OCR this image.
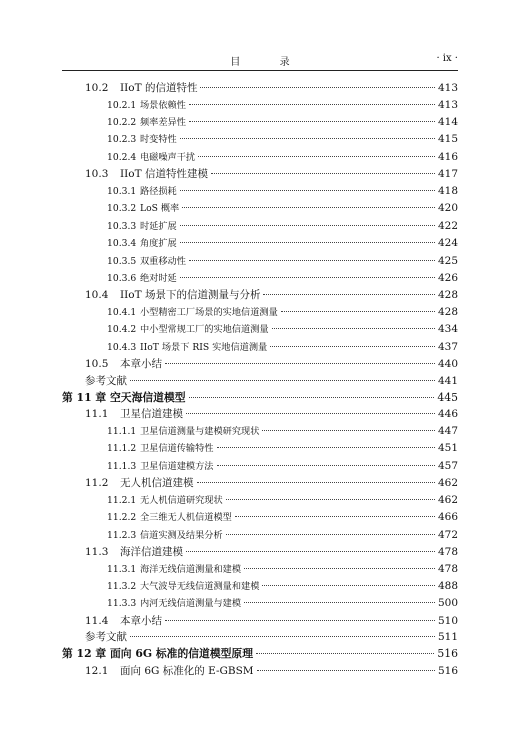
目 录	· ix ·
10.2	IIoT 的信道特性	413
10.2.1 场景依赖性	413
10.2.2 频率差异性	414
10.2.3 时变特性	415
10.2.4 电磁噪声干扰	416
10.3	IIoT 信道特性建模	417
10.3.1 路径损耗	418
10.3.2 LoS 概率	420
10.3.3 时延扩展	422
10.3.4 角度扩展	424
10.3.5 双重移动性	425
10.3.6 绝对时延	426
10.4	IIoT 场景下的信道测量与分析	428
10.4.1 小型精密工厂场景的实地信道测量	428
10.4.2 中小型常规工厂的实地信道测量	434
10.4.3 IIoT 场景下 RIS 实地信道测量	437
10.5	本章小结	440
参考文献	441
第 11 章 空天海信道模型	445
11.1	卫星信道建模	446
11.1.1 卫星信道测量与建模研究现状	447
11.1.2 卫星信道传输特性	451
11.1.3 卫星信道建模方法	457
11.2	无人机信道建模	462
11.2.1 无人机信道研究现状	462
11.2.2 全三维无人机信道模型	466
11.2.3 信道实测及结果分析	472
11.3	海洋信道建模	478
11.3.1 海洋无线信道测量和建模	478
11.3.2 大气波导无线信道测量和建模	488
11.3.3 内河无线信道测量与建模	500
11.4	本章小结	510
参考文献	511
第 12 章 面向 6G 标准的信道模型原理	516
12.1	面向 6G 标准化的 E-GBSM	516
